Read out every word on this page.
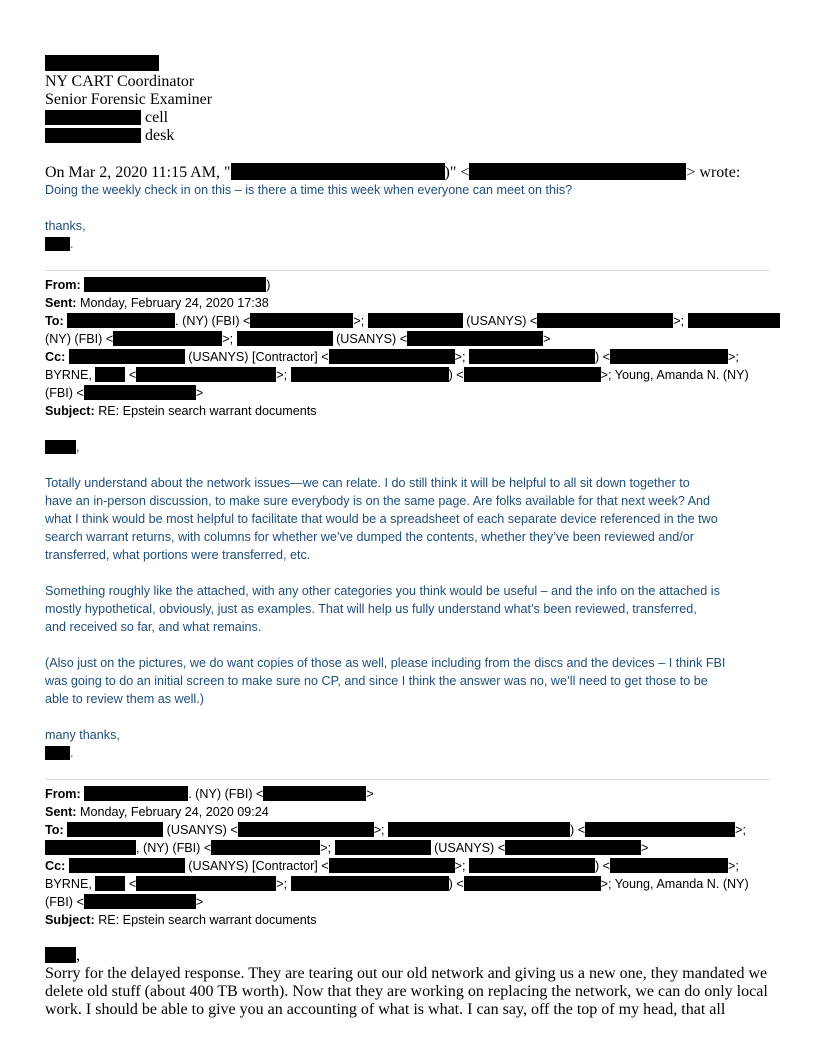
NY CART Coordinator
Senior Forensic Examiner
cell
desk
On Mar 2, 2020 11:15 AM, "	)" <	> wrote:
Doing the weekly check in on this – is there a time this week when everyone can meet on this?
thanks,
.
From:	)
Sent: Monday, February 24, 2020 17:38
To:	. (NY) (FBI) <	>;	(USANYS) <	>;
(NY) (FBI) <	>;	(USANYS) <	>
Cc:	(USANYS) [Contractor] <	>;	) <	>;
BYRNE,	<	>;	) <	>; Young, Amanda N. (NY)
(FBI) <	>
Subject: RE: Epstein search warrant documents
,
Totally understand about the network issues—we can relate. I do still think it will be helpful to all sit down together to
have an in-person discussion, to make sure everybody is on the same page. Are folks available for that next week? And
what I think would be most helpful to facilitate that would be a spreadsheet of each separate device referenced in the two
search warrant returns, with columns for whether we’ve dumped the contents, whether they’ve been reviewed and/or
transferred, what portions were transferred, etc.
Something roughly like the attached, with any other categories you think would be useful – and the info on the attached is
mostly hypothetical, obviously, just as examples. That will help us fully understand what’s been reviewed, transferred,
and received so far, and what remains.
(Also just on the pictures, we do want copies of those as well, please including from the discs and the devices – I think FBI
was going to do an initial screen to make sure no CP, and since I think the answer was no, we’ll need to get those to be
able to review them as well.)
many thanks,
.
From:	. (NY) (FBI) <	>
Sent: Monday, February 24, 2020 09:24
To:	(USANYS) <	>;	) <	>;
, (NY) (FBI) <	>;	(USANYS) <	>
Cc:	(USANYS) [Contractor] <	>;	) <	>;
BYRNE,	<	>;	) <	>; Young, Amanda N. (NY)
(FBI) <	>
Subject: RE: Epstein search warrant documents
,
Sorry for the delayed response. They are tearing out our old network and giving us a new one, they mandated we
delete old stuff (about 400 TB worth). Now that they are working on replacing the network, we can do only local
work. I should be able to give you an accounting of what is what. I can say, off the top of my head, that all
